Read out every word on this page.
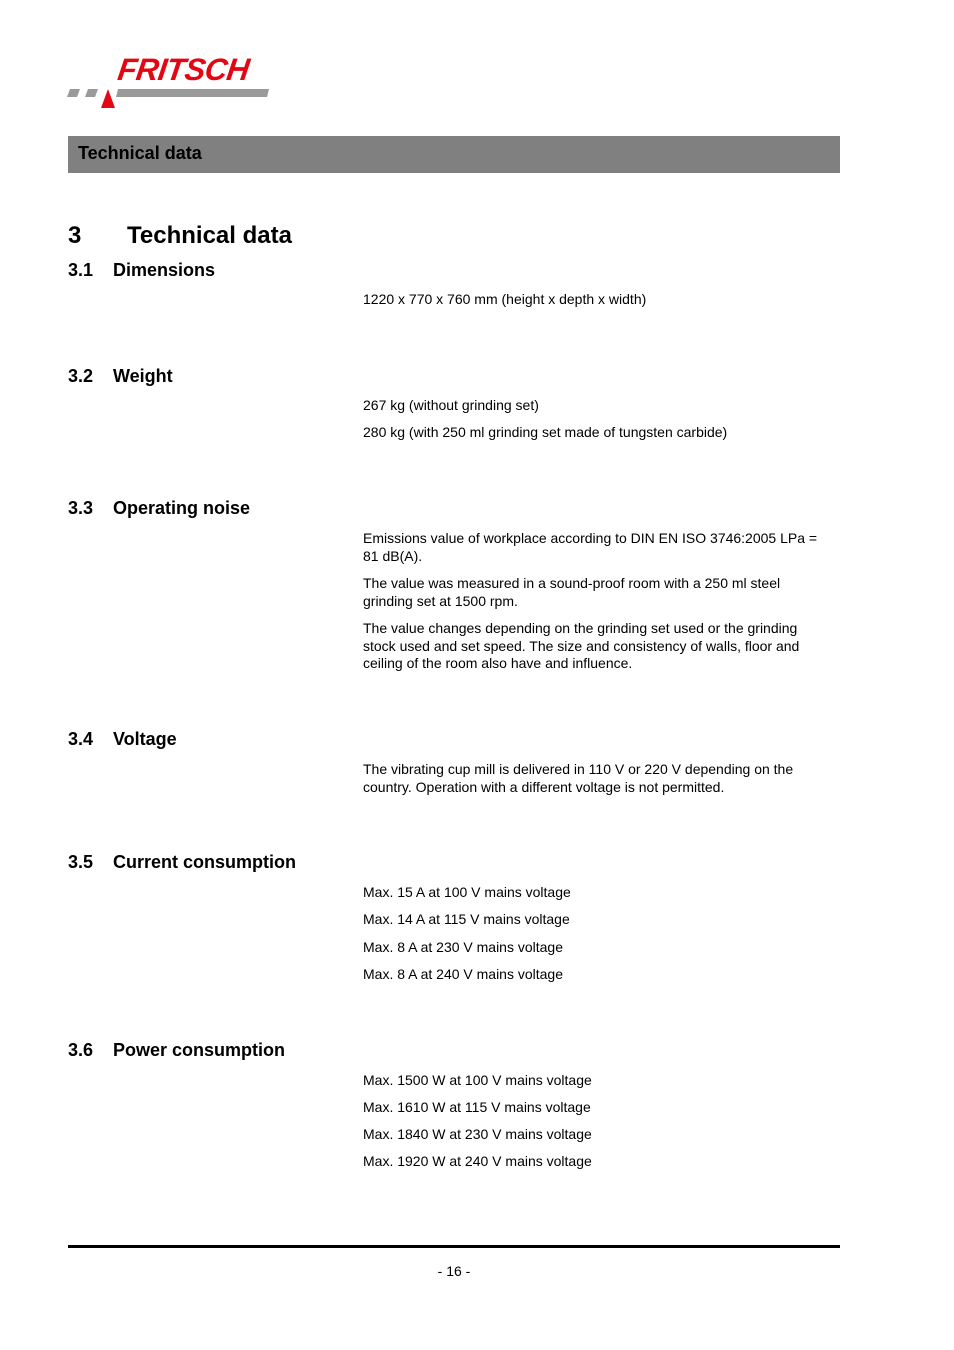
FRITSCH
Technical data
3 Technical data
3.1 Dimensions
1220 x 770 x 760 mm (height x depth x width)
3.2 Weight
267 kg (without grinding set)
280 kg (with 250 ml grinding set made of tungsten carbide)
3.3 Operating noise
Emissions value of workplace according to DIN EN ISO 3746:2005 LPa = 81 dB(A).
The value was measured in a sound-proof room with a 250 ml steel grinding set at 1500 rpm.
The value changes depending on the grinding set used or the grinding stock used and set speed. The size and consistency of walls, floor and ceiling of the room also have and influence.
3.4 Voltage
The vibrating cup mill is delivered in 110 V or 220 V depending on the country. Operation with a different voltage is not permitted.
3.5 Current consumption
Max. 15 A at 100 V mains voltage
Max. 14 A at 115 V mains voltage
Max. 8 A at 230 V mains voltage
Max. 8 A at 240 V mains voltage
3.6 Power consumption
Max. 1500 W at 100 V mains voltage
Max. 1610 W at 115 V mains voltage
Max. 1840 W at 230 V mains voltage
Max. 1920 W at 240 V mains voltage
- 16 -
